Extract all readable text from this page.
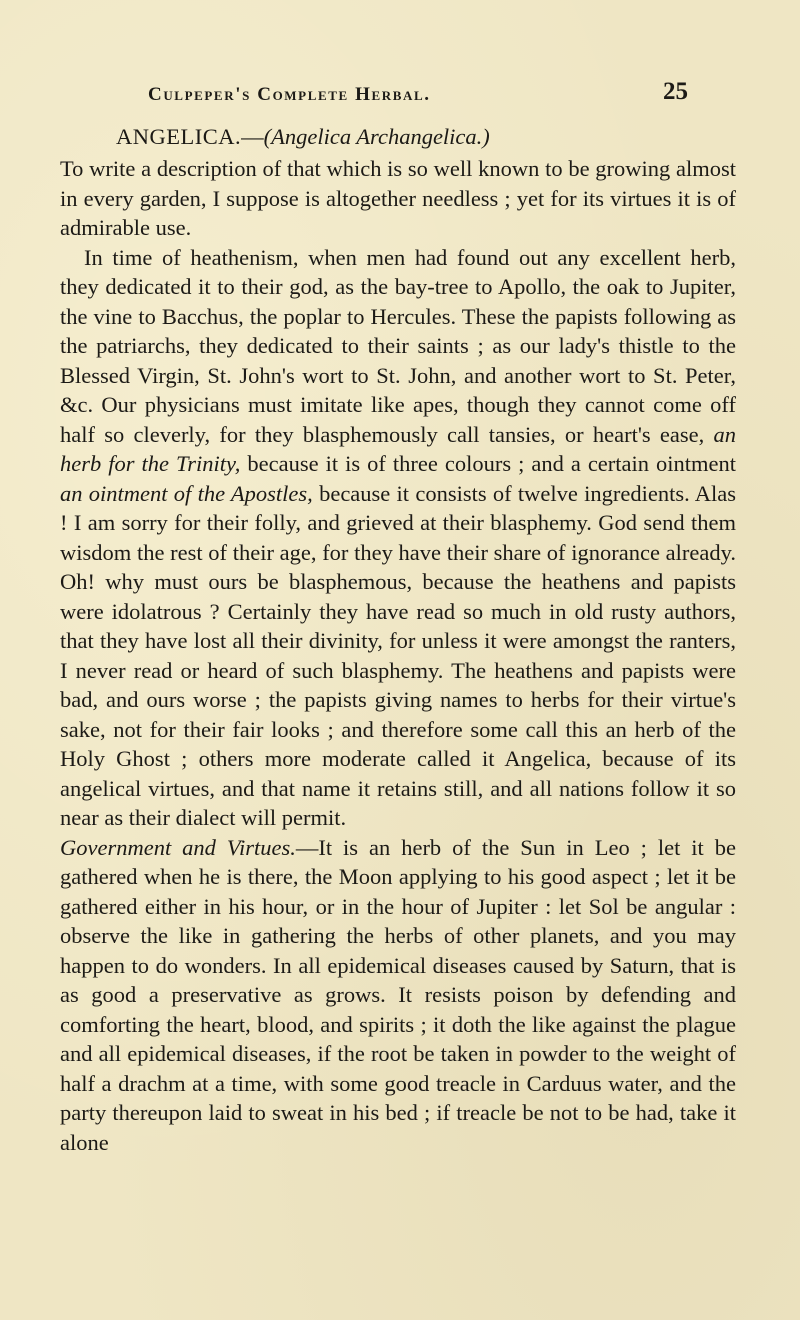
Culpeper's Complete Herbal.	25
ANGELICA.—(Angelica Archangelica.)

To write a description of that which is so well known to be growing almost in every garden, I suppose is altogether needless ; yet for its virtues it is of admirable use.

In time of heathenism, when men had found out any excellent herb, they dedicated it to their god, as the bay-tree to Apollo, the oak to Jupiter, the vine to Bacchus, the poplar to Hercules. These the papists following as the patriarchs, they dedicated to their saints ; as our lady's thistle to the Blessed Virgin, St. John's wort to St. John, and another wort to St. Peter, &c. Our physicians must imitate like apes, though they cannot come off half so cleverly, for they blasphemously call tansies, or heart's ease, an herb for the Trinity, because it is of three colours ; and a certain ointment an ointment of the Apostles, because it consists of twelve ingredients. Alas ! I am sorry for their folly, and grieved at their blasphemy. God send them wisdom the rest of their age, for they have their share of ignorance already. Oh! why must ours be blasphemous, because the heathens and papists were idolatrous ? Certainly they have read so much in old rusty authors, that they have lost all their divinity, for unless it were amongst the ranters, I never read or heard of such blasphemy. The heathens and papists were bad, and ours worse ; the papists giving names to herbs for their virtue's sake, not for their fair looks ; and therefore some call this an herb of the Holy Ghost ; others more moderate called it Angelica, because of its angelical virtues, and that name it retains still, and all nations follow it so near as their dialect will permit.

Government and Virtues.—It is an herb of the Sun in Leo ; let it be gathered when he is there, the Moon applying to his good aspect ; let it be gathered either in his hour, or in the hour of Jupiter : let Sol be angular : observe the like in gathering the herbs of other planets, and you may happen to do wonders. In all epidemical diseases caused by Saturn, that is as good a preservative as grows. It resists poison by defending and comforting the heart, blood, and spirits ; it doth the like against the plague and all epidemical diseases, if the root be taken in powder to the weight of half a drachm at a time, with some good treacle in Carduus water, and the party thereupon laid to sweat in his bed ; if treacle be not to be had, take it alone
